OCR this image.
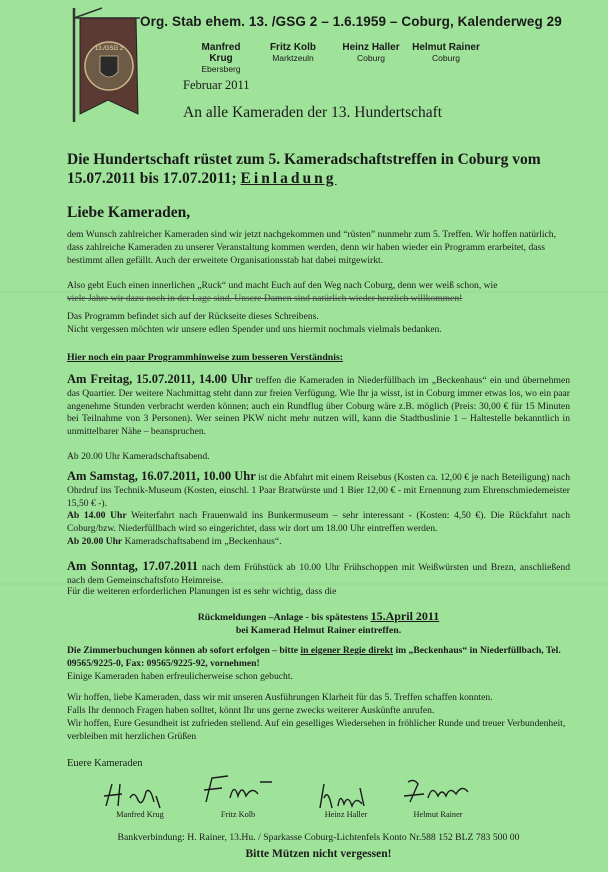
13./GSG 2
Org. Stab ehem. 13. /GSG 2 – 1.6.1959 – Coburg, Kalenderweg 29
Manfred Krug
Ebersberg
Fritz Kolb
Marktzeuln
Heinz Haller
Coburg
Helmut Rainer
Coburg
Februar 2011
An alle Kameraden der 13. Hundertschaft
Die Hundertschaft rüstet zum 5. Kameradschaftstreffen in Coburg vom 15.07.2011 bis 17.07.2011; Einladung
Liebe Kameraden,
dem Wunsch zahlreicher Kameraden sind wir jetzt nachgekommen und “rüsten” nunmehr zum 5. Treffen. Wir hoffen natürlich, dass zahlreiche Kameraden zu unserer Veranstaltung kommen werden, denn wir haben wieder ein Programm erarbeitet, dass bestimmt allen gefällt. Auch der erweitete Organisationsstab hat dabei mitgewirkt.
Also gebt Euch einen innerlichen „Ruck“ und macht Euch auf den Weg nach Coburg, denn wer weiß schon, wie
viele Jahre wir dazu noch in der Lage sind. Unsere Damen sind natürlich wieder herzlich willkommen!
Das Programm befindet sich auf der Rückseite dieses Schreibens.
Nicht vergessen möchten wir unsere edlen Spender und uns hiermit nochmals vielmals bedanken.
Hier noch ein paar Programmhinweise zum besseren Verständnis:
Am Freitag, 15.07.2011, 14.00 Uhr treffen die Kameraden in Niederfüllbach im „Beckenhaus“ ein und übernehmen das Quartier. Der weitere Nachmittag steht dann zur freien Verfügung. Wie Ihr ja wisst, ist in Coburg immer etwas los, wo ein paar angenehme Stunden verbracht werden können; auch ein Rundflug über Coburg wäre z.B. möglich (Preis: 30,00 € für 15 Minuten bei Teilnahme von 3 Personen). Wer seinen PKW nicht mehr nutzen will, kann die Stadtbuslinie 1 – Haltestelle bekanntlich in unmittelbarer Nähe – beanspruchen.
Ab 20.00 Uhr Kameradschaftsabend.
Am Samstag, 16.07.2011, 10.00 Uhr ist die Abfahrt mit einem Reisebus (Kosten ca. 12,00 € je nach Beteiligung) nach Ohrdruf ins Technik-Museum (Kosten, einschl. 1 Paar Bratwürste und 1 Bier 12,00 € - mit Ernennung zum Ehrenschmiedemeister 15,50 € -).
Ab 14.00 Uhr Weiterfahrt nach Frauenwald ins Bunkermuseum – sehr interessant - (Kosten: 4,50 €). Die Rückfahrt nach Coburg/bzw. Niederfüllbach wird so eingerichtet, dass wir dort um 18.00 Uhr eintreffen werden.
Ab 20.00 Uhr Kameradschaftsabend im „Beckenhaus“.
Am Sonntag, 17.07.2011 nach dem Frühstück ab 10.00 Uhr Frühschoppen mit Weißwürsten und Brezn, anschließend nach dem Gemeinschaftsfoto Heimreise.
Für die weiteren erforderlichen Planungen ist es sehr wichtig, dass die
Rückmeldungen –Anlage - bis spätestens 15.April 2011
bei Kamerad Helmut Rainer eintreffen.
Die Zimmerbuchungen können ab sofort erfolgen – bitte in eigener Regie direkt im „Beckenhaus“ in Niederfüllbach, Tel. 09565/9225-0, Fax: 09565/9225-92, vornehmen!
Einige Kameraden haben erfreulicherweise schon gebucht.
Wir hoffen, liebe Kameraden, dass wir mit unseren Ausführungen Klarheit für das 5. Treffen schaffen konnten.
Falls Ihr dennoch Fragen haben solltet, könnt Ihr uns gerne zwecks weiterer Auskünfte anrufen.
Wir hoffen, Eure Gesundheit ist zufrieden stellend. Auf ein geselliges Wiedersehen in fröhlicher Runde und treuer Verbundenheit, verbleiben mit herzlichen Grüßen
Euere Kameraden
Manfred Krug	Fritz Kolb	Heinz Haller	Helmut Rainer
Bankverbindung: H. Rainer, 13.Hu. / Sparkasse Coburg-Lichtenfels Konto Nr.588 152 BLZ 783 500 00
Bitte Mützen nicht vergessen!
